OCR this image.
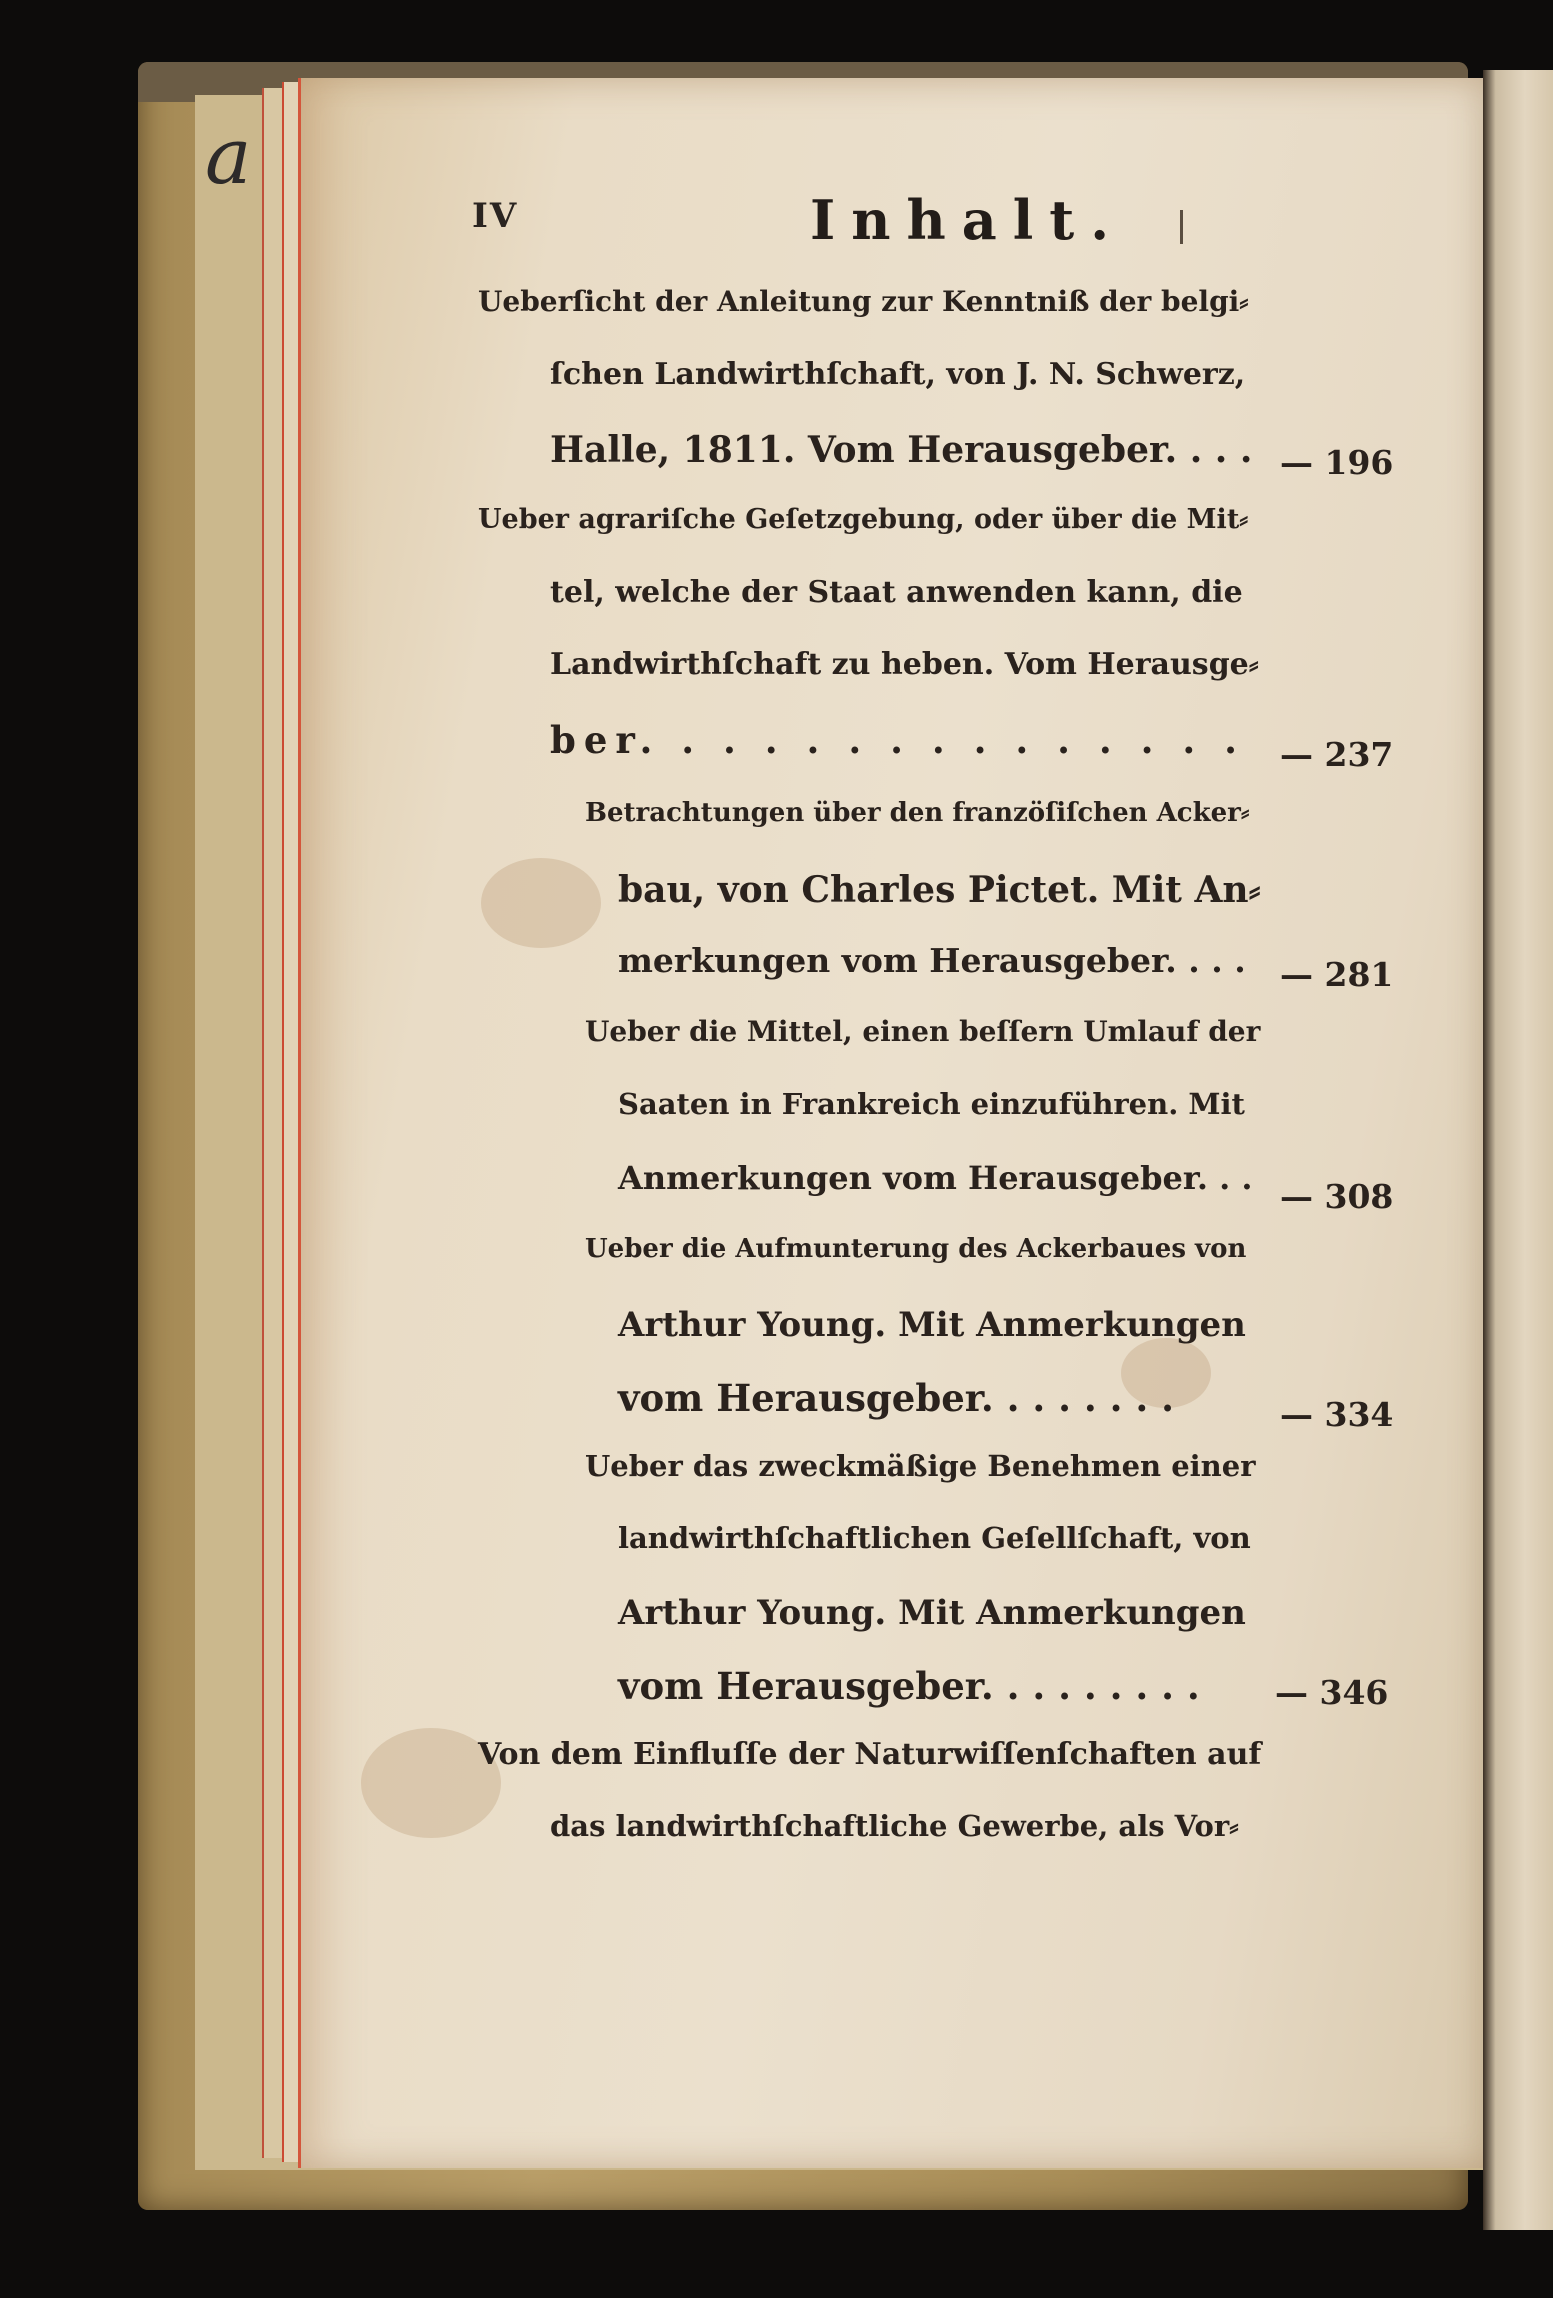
a
IV	Inhalt.
Ueberſicht der Anleitung zur Kenntniß der belgi⸗
ſchen Landwirthſchaft, von J. N. Schwerz,
Halle, 1811. Vom Herausgeber. . . . — 196
Ueber agrariſche Geſetzgebung, oder über die Mit⸗
tel, welche der Staat anwenden kann, die
Landwirthſchaft zu heben. Vom Herausge⸗
ber. . . . . . . . . . . . . . . — 237
Betrachtungen über den franzöſiſchen Acker⸗
bau, von Charles Pictet. Mit An⸗
merkungen vom Herausgeber. . . . — 281
Ueber die Mittel, einen beſſern Umlauf der
Saaten in Frankreich einzuführen. Mit
Anmerkungen vom Herausgeber. . . — 308
Ueber die Aufmunterung des Ackerbaues von
Arthur Young. Mit Anmerkungen
vom Herausgeber. . . . . . . .	— 334
Ueber das zweckmäßige Benehmen einer
landwirthſchaftlichen Geſellſchaft, von
Arthur Young. Mit Anmerkungen
vom Herausgeber. . . . . . . . . — 346
Von dem Einfluſſe der Naturwiſſenſchaften auf
das landwirthſchaftliche Gewerbe, als Vor⸗
